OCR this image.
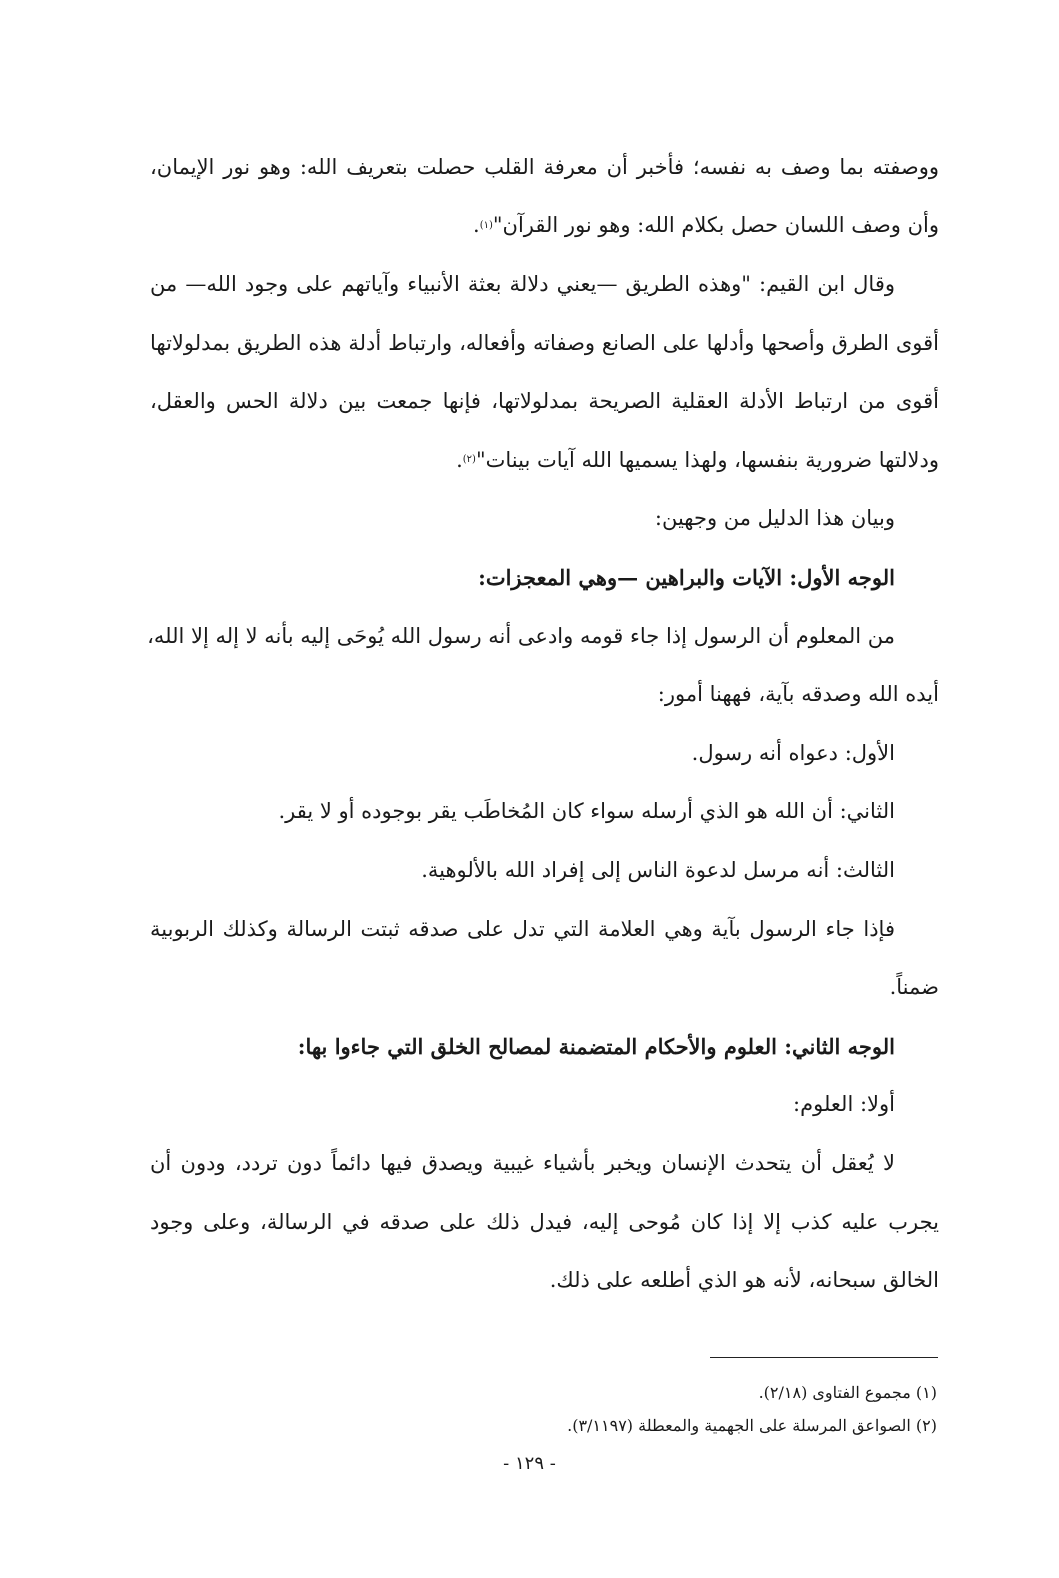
ووصفته بما وصف به نفسه؛ فأخبر أن معرفة القلب حصلت بتعريف الله: وهو نور الإيمان،
وأن وصف اللسان حصل بكلام الله: وهو نور القرآن"
(١)
.
وقال ابن القيم: "وهذه الطريق —يعني دلالة بعثة الأنبياء وآياتهم على وجود الله— من
أقوى الطرق وأصحها وأدلها على الصانع وصفاته وأفعاله، وارتباط أدلة هذه الطريق بمدلولاتها
أقوى من ارتباط الأدلة العقلية الصريحة بمدلولاتها، فإنها جمعت بين دلالة الحس والعقل،
ودلالتها ضرورية بنفسها، ولهذا يسميها الله آيات بينات"
(٢)
.
وبيان هذا الدليل من وجهين:
الوجه الأول: الآيات والبراهين —وهي المعجزات:
من المعلوم أن الرسول إذا جاء قومه وادعى أنه رسول الله يُوحَى إليه بأنه لا إله إلا الله،
أيده الله وصدقه بآية، فههنا أمور:
الأول: دعواه أنه رسول.
الثاني: أن الله هو الذي أرسله سواء كان المُخاطَب يقر بوجوده أو لا يقر.
الثالث: أنه مرسل لدعوة الناس إلى إفراد الله بالألوهية.
فإذا جاء الرسول بآية وهي العلامة التي تدل على صدقه ثبتت الرسالة وكذلك الربوبية
ضمناً.
الوجه الثاني: العلوم والأحكام المتضمنة لمصالح الخلق التي جاءوا بها:
أولا: العلوم:
لا يُعقل أن يتحدث الإنسان ويخبر بأشياء غيبية ويصدق فيها دائماً دون تردد، ودون أن
يجرب عليه كذب إلا إذا كان مُوحى إليه، فيدل ذلك على صدقه في الرسالة، وعلى وجود
الخالق سبحانه، لأنه هو الذي أطلعه على ذلك.
(١) مجموع الفتاوى (٢/١٨).
(٢) الصواعق المرسلة على الجهمية والمعطلة (٣/١١٩٧).
- ١٢٩ -
